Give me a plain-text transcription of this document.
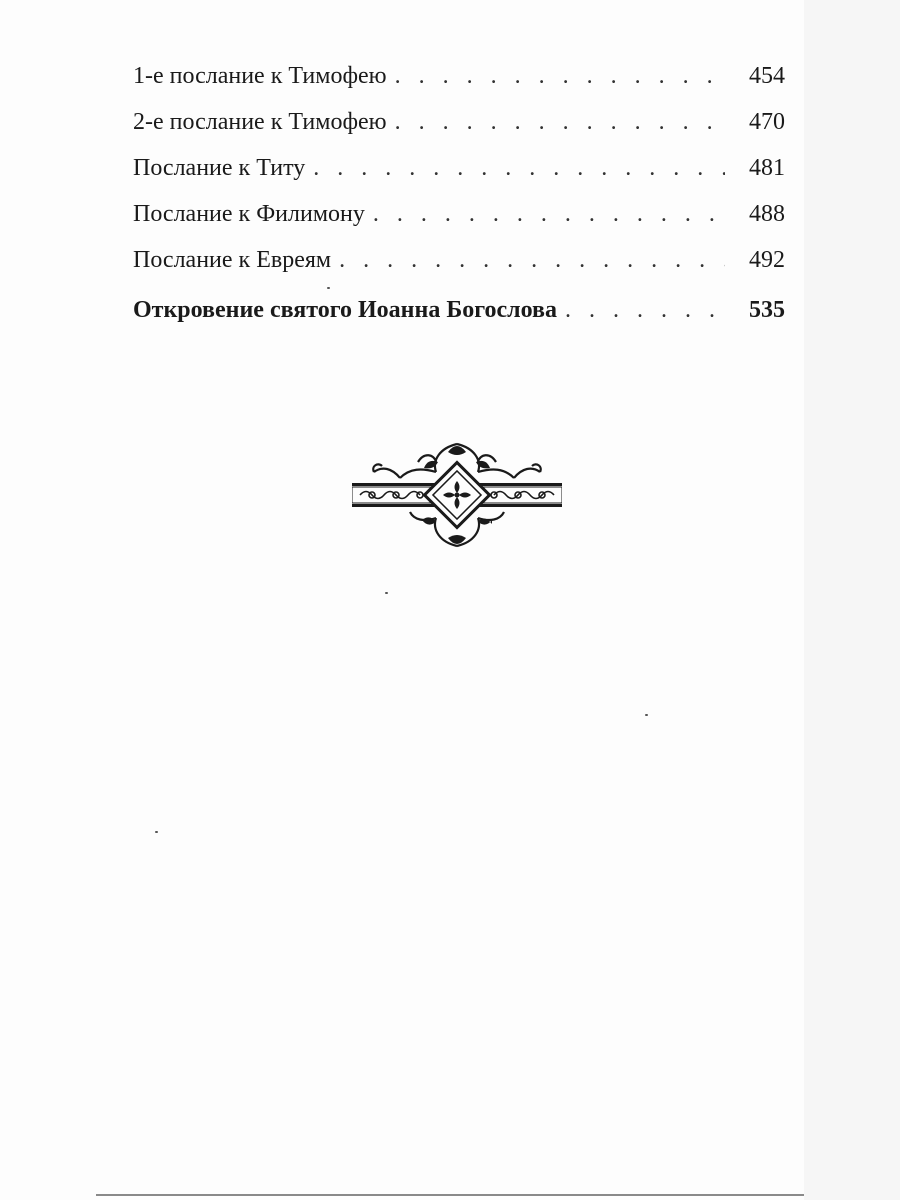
1-е послание к Тимофею . . .	454
2-е послание к Тимофею . . .	470
Послание к Титу . . .	481
Послание к Филимону . . .	488
Послание к Евреям . . .	492
Откровение святого Иоанна Богослова . . .	535
